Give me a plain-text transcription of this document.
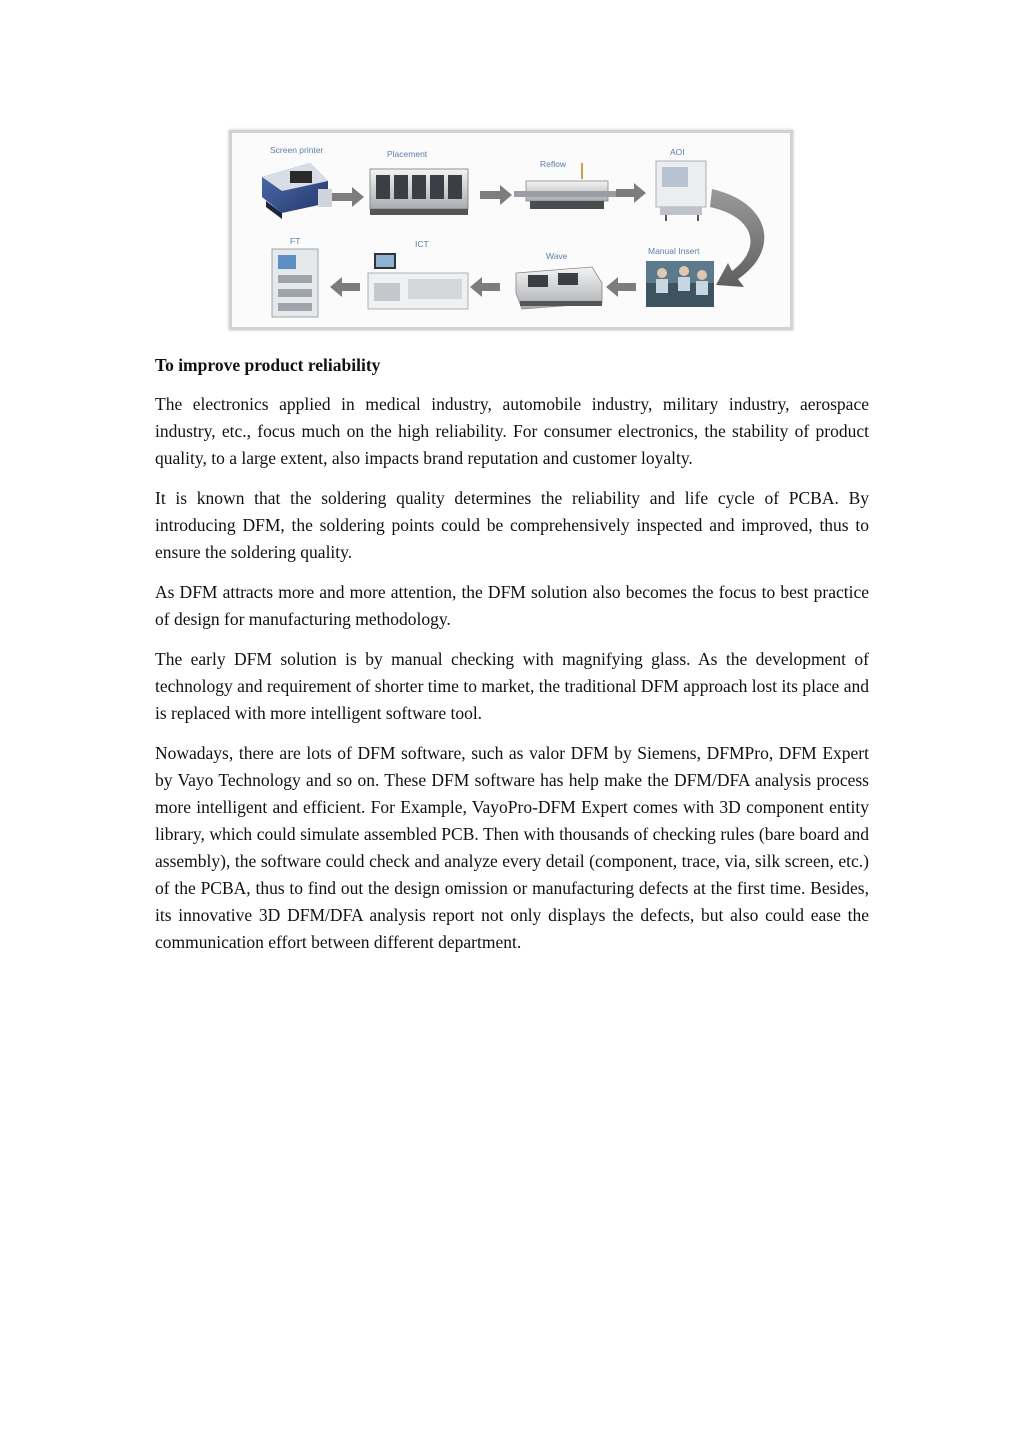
Screen printer	Placement
Reflow
AOI
Manual Insert
Wave
ICT
FT

To improve product reliability

The electronics applied in medical industry, automobile industry, military industry, aerospace industry, etc., focus much on the high reliability. For consumer electronics, the stability of product quality, to a large extent, also impacts brand reputation and customer loyalty.

It is known that the soldering quality determines the reliability and life cycle of PCBA. By introducing DFM, the soldering points could be comprehensively inspected and improved, thus to ensure the soldering quality.

As DFM attracts more and more attention, the DFM solution also becomes the focus to best practice of design for manufacturing methodology.

The early DFM solution is by manual checking with magnifying glass. As the development of technology and requirement of shorter time to market, the traditional DFM approach lost its place and is replaced with more intelligent software tool.

Nowadays, there are lots of DFM software, such as valor DFM by Siemens, DFMPro, DFM Expert by Vayo Technology and so on. These DFM software has help make the DFM/DFA analysis process more intelligent and efficient. For Example, VayoPro-DFM Expert comes with 3D component entity library, which could simulate assembled PCB. Then with thousands of checking rules (bare board and assembly), the software could check and analyze every detail (component, trace, via, silk screen, etc.) of the PCBA, thus to find out the design omission or manufacturing defects at the first time. Besides, its innovative 3D DFM/DFA analysis report not only displays the defects, but also could ease the communication effort between different department.
